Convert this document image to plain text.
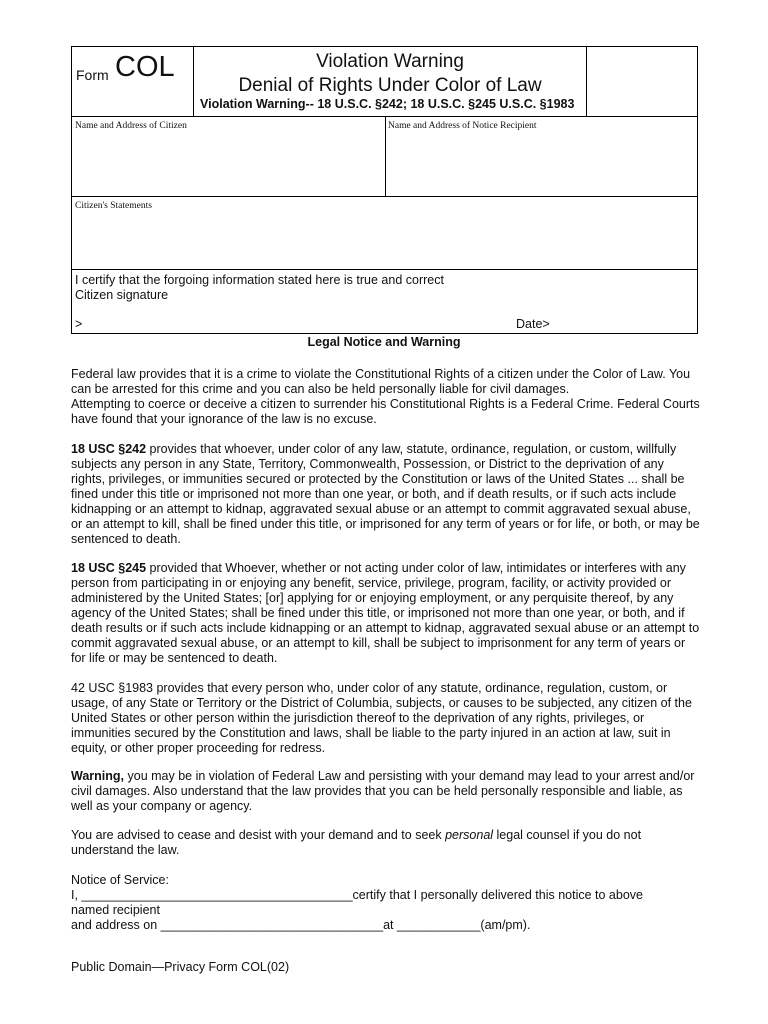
Form COL	Violation Warning
Denial of Rights Under Color of Law
Violation Warning-- 18 U.S.C. §242; 18 U.S.C. §245 U.S.C. §1983
Name and Address of Citizen	Name and Address of Notice Recipient
Citizen's Statements
I certify that the forgoing information stated here is true and correct
Citizen signature
>	Date>
Legal Notice and Warning

Federal law provides that it is a crime to violate the Constitutional Rights of a citizen under the Color of Law. You can be arrested for this crime and you can also be held personally liable for civil damages.

Attempting to coerce or deceive a citizen to surrender his Constitutional Rights is a Federal Crime. Federal Courts have found that your ignorance of the law is no excuse.

18 USC §242 provides that whoever, under color of any law, statute, ordinance, regulation, or custom, willfully subjects any person in any State, Territory, Commonwealth, Possession, or District to the deprivation of any rights, privileges, or immunities secured or protected by the Constitution or laws of the United States ... shall be fined under this title or imprisoned not more than one year, or both, and if death results, or if such acts include kidnapping or an attempt to kidnap, aggravated sexual abuse or an attempt to commit aggravated sexual abuse, or an attempt to kill, shall be fined under this title, or imprisoned for any term of years or for life, or both, or may be sentenced to death.
18 USC §245 provided that Whoever, whether or not acting under color of law, intimidates or interferes with any person from participating in or enjoying any benefit, service, privilege, program, facility, or activity provided or administered by the United States; [or] applying for or enjoying employment, or any perquisite thereof, by any agency of the United States; shall be fined under this title, or imprisoned not more than one year, or both, and if death results or if such acts include kidnapping or an attempt to kidnap, aggravated sexual abuse or an attempt to commit aggravated sexual abuse, or an attempt to kill, shall be subject to imprisonment for any term of years or for life or may be sentenced to death.
42 USC §1983 provides that every person who, under color of any statute, ordinance, regulation, custom, or usage, of any State or Territory or the District of Columbia, subjects, or causes to be subjected, any citizen of the United States or other person within the jurisdiction thereof to the deprivation of any rights, privileges, or immunities secured by the Constitution and laws, shall be liable to the party injured in an action at law, suit in equity, or other proper proceeding for redress.
Warning, you may be in violation of Federal Law and persisting with your demand may lead to your arrest and/or civil damages. Also understand that the law provides that you can be held personally responsible and liable, as well as your company or agency.
You are advised to cease and desist with your demand and to seek personal legal counsel if you do not understand the law.
Notice of Service:
I, _______________________________________certify that I personally delivered this notice to above named recipient
and address on ________________________________at ____________(am/pm).
Public Domain—Privacy Form COL(02)
